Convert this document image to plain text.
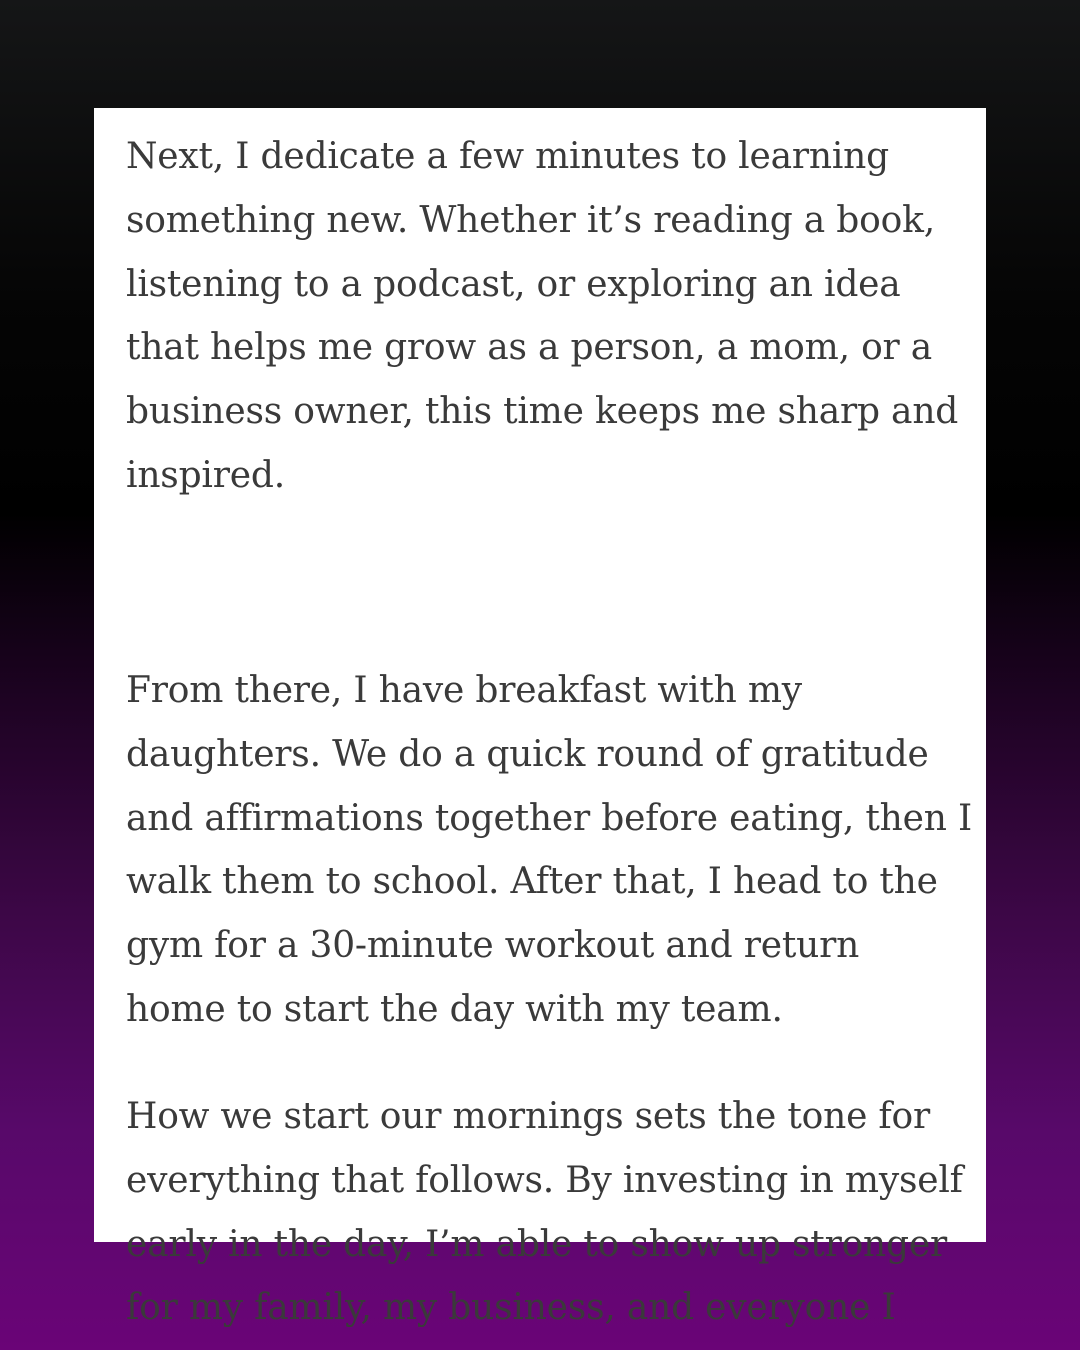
Next, I dedicate a few minutes to learning
something new. Whether it’s reading a book,
listening to a podcast, or exploring an idea
that helps me grow as a person, a mom, or a
business owner, this time keeps me sharp and
inspired.

From there, I have breakfast with my
daughters. We do a quick round of gratitude
and affirmations together before eating, then I
walk them to school. After that, I head to the
gym for a 30-minute workout and return
home to start the day with my team.

How we start our mornings sets the tone for
everything that follows. By investing in myself
early in the day, I’m able to show up stronger
for my family, my business, and everyone I
